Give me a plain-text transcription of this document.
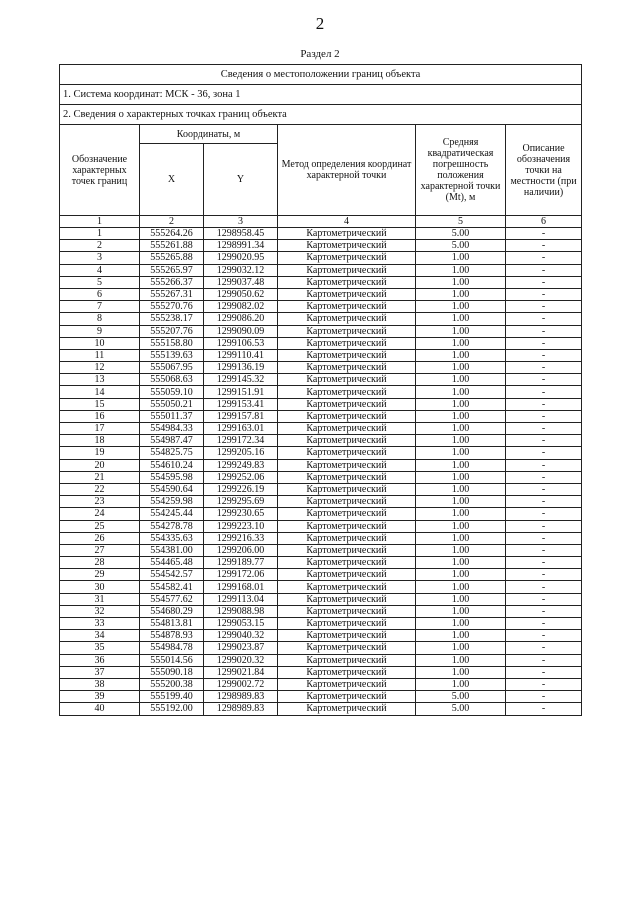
2
Раздел 2
Сведения о местоположении границ объекта					
1. Система координат: МСК - 36, зона 1					
2. Сведения о характерных точках границ объекта					
Обозначение характерных точек границ	Координаты, м		Метод определения координат характерной точки	Средняя квадратическая погрешность положения характерной точки (Mt), м	Описание обозначения точки на местности (при наличии)
	X	Y			
1	2	3	4	5	6
1	555264.26	1298958.45	Картометрический	5.00	-
2	555261.88	1298991.34	Картометрический	5.00	-
3	555265.88	1299020.95	Картометрический	1.00	-
4	555265.97	1299032.12	Картометрический	1.00	-
5	555266.37	1299037.48	Картометрический	1.00	-
6	555267.31	1299050.62	Картометрический	1.00	-
7	555270.76	1299082.02	Картометрический	1.00	-
8	555238.17	1299086.20	Картометрический	1.00	-
9	555207.76	1299090.09	Картометрический	1.00	-
10	555158.80	1299106.53	Картометрический	1.00	-
11	555139.63	1299110.41	Картометрический	1.00	-
12	555067.95	1299136.19	Картометрический	1.00	-
13	555068.63	1299145.32	Картометрический	1.00	-
14	555059.10	1299151.91	Картометрический	1.00	-
15	555050.21	1299153.41	Картометрический	1.00	-
16	555011.37	1299157.81	Картометрический	1.00	-
17	554984.33	1299163.01	Картометрический	1.00	-
18	554987.47	1299172.34	Картометрический	1.00	-
19	554825.75	1299205.16	Картометрический	1.00	-
20	554610.24	1299249.83	Картометрический	1.00	-
21	554595.98	1299252.06	Картометрический	1.00	-
22	554590.64	1299226.19	Картометрический	1.00	-
23	554259.98	1299295.69	Картометрический	1.00	-
24	554245.44	1299230.65	Картометрический	1.00	-
25	554278.78	1299223.10	Картометрический	1.00	-
26	554335.63	1299216.33	Картометрический	1.00	-
27	554381.00	1299206.00	Картометрический	1.00	-
28	554465.48	1299189.77	Картометрический	1.00	-
29	554542.57	1299172.06	Картометрический	1.00	-
30	554582.41	1299168.01	Картометрический	1.00	-
31	554577.62	1299113.04	Картометрический	1.00	-
32	554680.29	1299088.98	Картометрический	1.00	-
33	554813.81	1299053.15	Картометрический	1.00	-
34	554878.93	1299040.32	Картометрический	1.00	-
35	554984.78	1299023.87	Картометрический	1.00	-
36	555014.56	1299020.32	Картометрический	1.00	-
37	555090.18	1299021.84	Картометрический	1.00	-
38	555200.38	1299002.72	Картометрический	1.00	-
39	555199.40	1298989.83	Картометрический	5.00	-
40	555192.00	1298989.83	Картометрический	5.00	-
